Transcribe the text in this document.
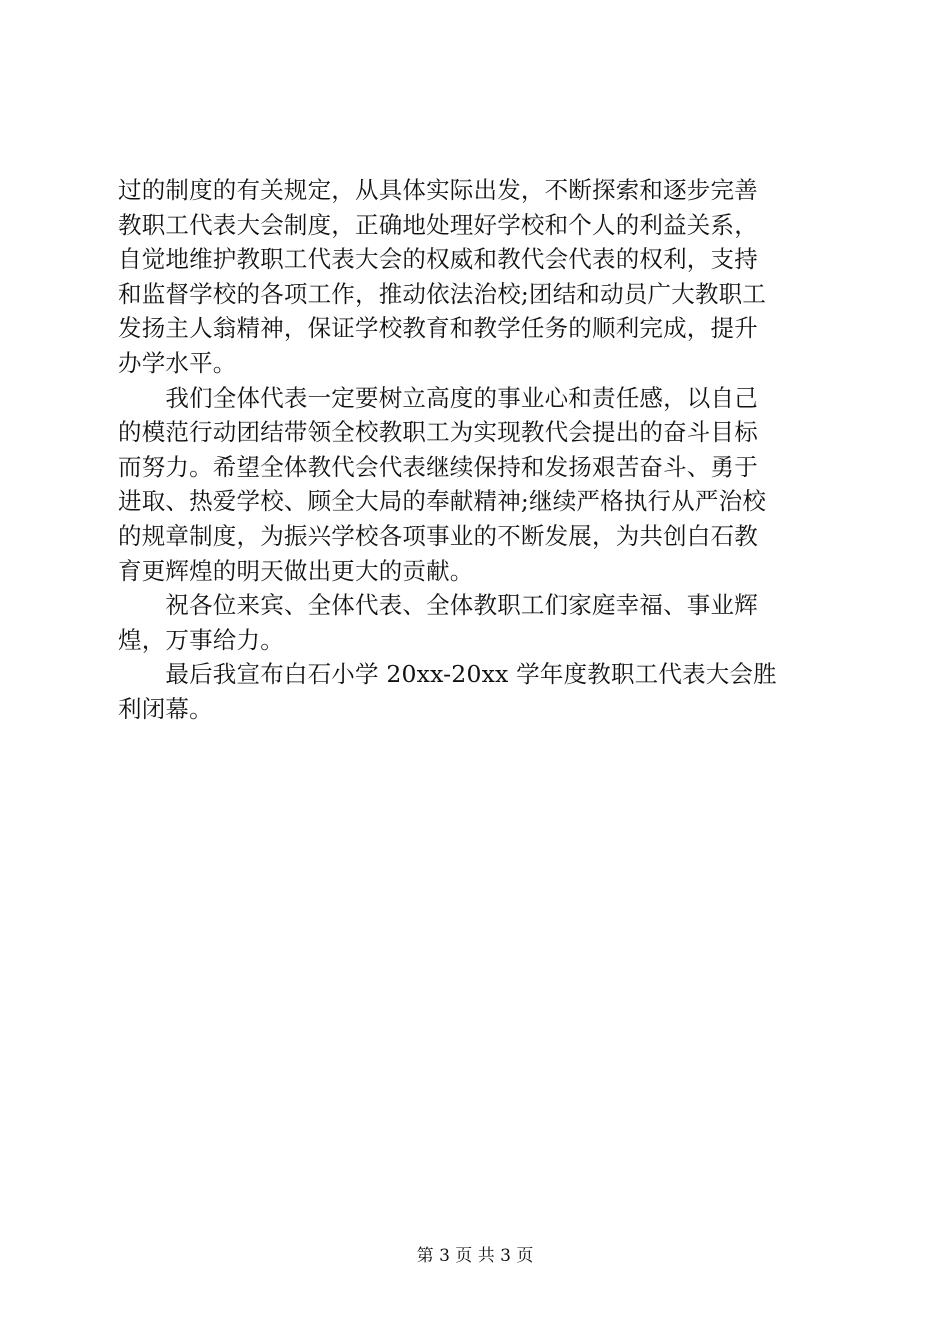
过的制度的有关规定，从具体实际出发，不断探索和逐步完善
教职工代表大会制度，正确地处理好学校和个人的利益关系，
自觉地维护教职工代表大会的权威和教代会代表的权利，支持
和监督学校的各项工作，推动依法治校;团结和动员广大教职工
发扬主人翁精神，保证学校教育和教学任务的顺利完成，提升
办学水平。
　　我们全体代表一定要树立高度的事业心和责任感，以自己
的模范行动团结带领全校教职工为实现教代会提出的奋斗目标
而努力。希望全体教代会代表继续保持和发扬艰苦奋斗、勇于
进取、热爱学校、顾全大局的奉献精神;继续严格执行从严治校
的规章制度，为振兴学校各项事业的不断发展，为共创白石教
育更辉煌的明天做出更大的贡献。
　　祝各位来宾、全体代表、全体教职工们家庭幸福、事业辉
煌，万事给力。
　　最后我宣布白石小学 20xx-20xx 学年度教职工代表大会胜
利闭幕。
第 3 页 共 3 页
